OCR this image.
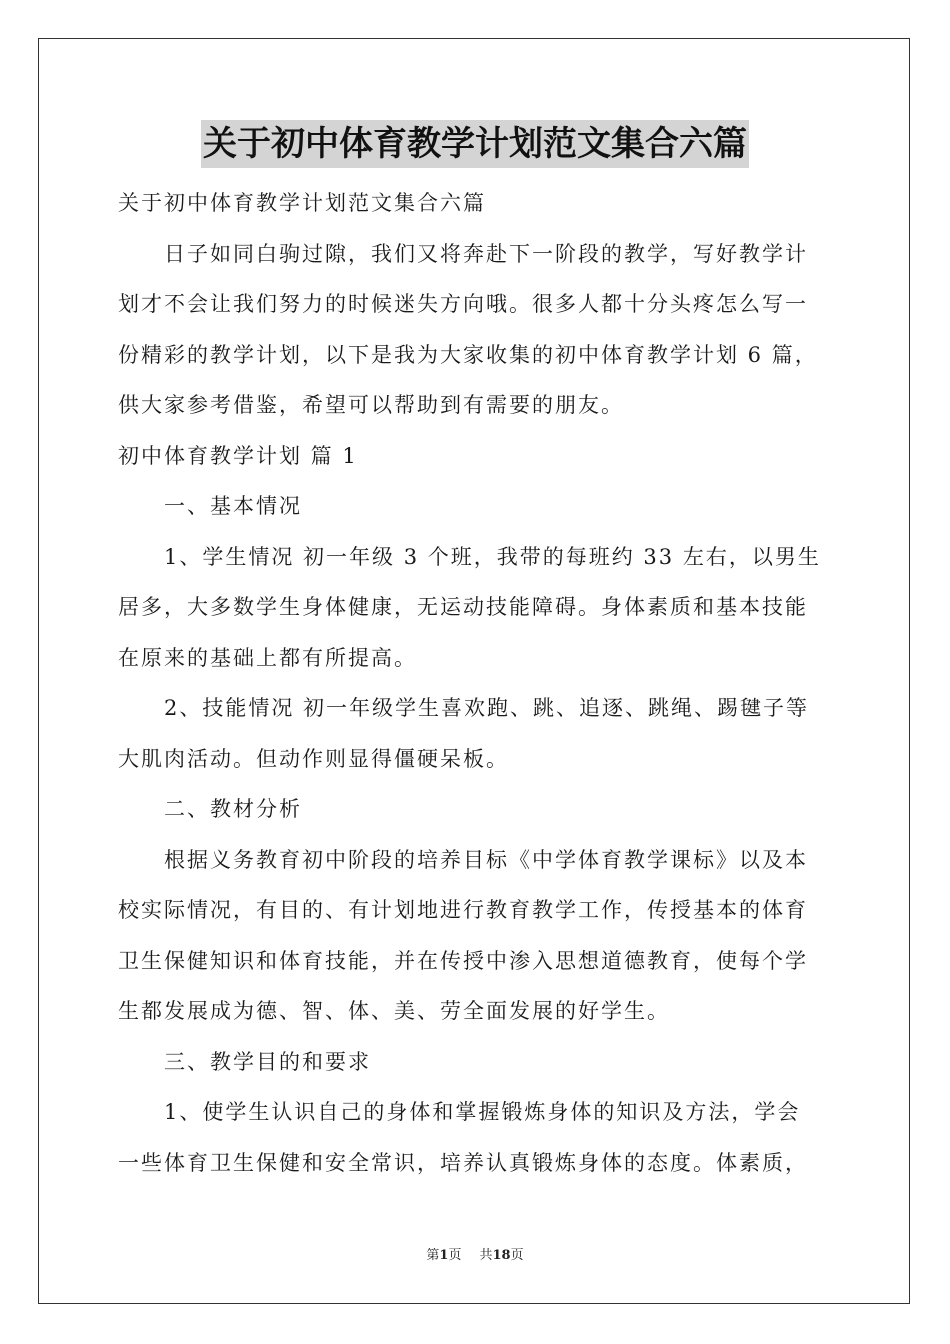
关于初中体育教学计划范文集合六篇

关于初中体育教学计划范文集合六篇

日子如同白驹过隙，我们又将奔赴下一阶段的教学，写好教学计

划才不会让我们努力的时候迷失方向哦。很多人都十分头疼怎么写一

份精彩的教学计划，以下是我为大家收集的初中体育教学计划 6 篇，

供大家参考借鉴，希望可以帮助到有需要的朋友。

初中体育教学计划 篇 1

一、基本情况

1、学生情况 初一年级 3 个班，我带的每班约 33 左右，以男生

居多，大多数学生身体健康，无运动技能障碍。身体素质和基本技能

在原来的基础上都有所提高。

2、技能情况 初一年级学生喜欢跑、跳、追逐、跳绳、踢毽子等

大肌肉活动。但动作则显得僵硬呆板。

二、教材分析

根据义务教育初中阶段的培养目标《中学体育教学课标》以及本

校实际情况，有目的、有计划地进行教育教学工作，传授基本的体育

卫生保健知识和体育技能，并在传授中渗入思想道德教育，使每个学

生都发展成为德、智、体、美、劳全面发展的好学生。

三、教学目的和要求

1、使学生认识自己的身体和掌握锻炼身体的知识及方法，学会

一些体育卫生保健和安全常识，培养认真锻炼身体的态度。体素质，

第1页 共18页
